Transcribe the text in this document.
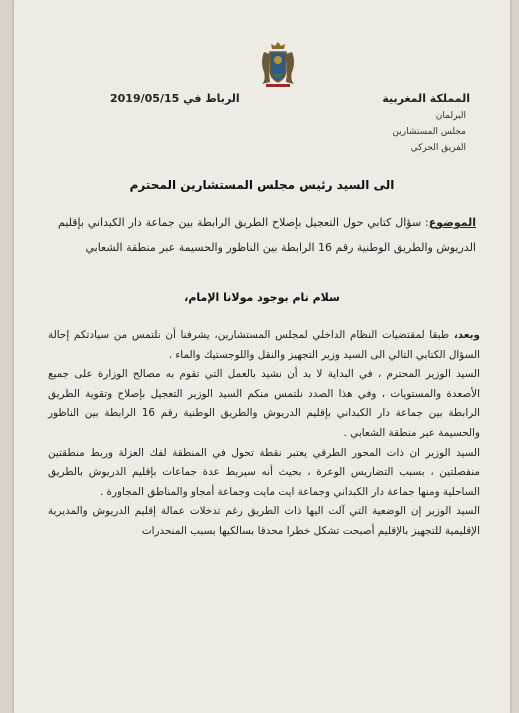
الرباط في 2019/05/15	المملكة المغربية
البرلمان
مجلس المستشارين
الفريق الحركي
الى السيد رئيس مجلس المستشارين المحترم
الموضوع: سؤال كتابي حول التعجيل بإصلاح الطريق الرابطة بين جماعة دار الكبداني بإقليم الدريوش والطريق الوطنية رقم 16 الرابطة بين الناظور والحسيمة عبر منطقة الشعابي
سلام تام بوجود مولانا الإمام،

وبعد، طبقا لمقتضيات النظام الداخلي لمجلس المستشارين، يشرفنا أن نلتمس من سيادتكم إحالة السؤال الكتابي التالي الى السيد وزير التجهيز والنقل واللوجستيك والماء .

السيد الوزير المحترم ، في البداية لا بد أن نشيد بالعمل التي تقوم به مصالح الوزارة على جميع الأصعدة والمستويات ، وفي هذا الصدد نلتمس منكم السيد الوزير التعجيل بإصلاح وتقوية الطريق الرابطة بين جماعة دار الكبداني بإقليم الدريوش والطريق الوطنية رقم 16 الرابطة بين الناظور والحسيمة عبر منطقة الشعابي .

السيد الوزير ان ذات المحور الطرقي يعتبر نقطة تحول في المنطقة لفك العزلة وربط منطقتين منفصلتين ، بسبب التضاريس الوعرة ، بحيث أنه سيربط عدة جماعات بإقليم الدريوش بالطريق الساحلية ومنها جماعة دار الكبداني وجماعة ايت مايت وجماعة أمجاو والمناطق المجاورة .

السيد الوزير إن الوضعية التي آلت اليها ذات الطريق رغم تدخلات عمالة إقليم الدريوش والمديرية الإقليمية للتجهيز بالإقليم أصبحت تشكل خطرا محدقا بسالكيها بسبب المنحدرات
